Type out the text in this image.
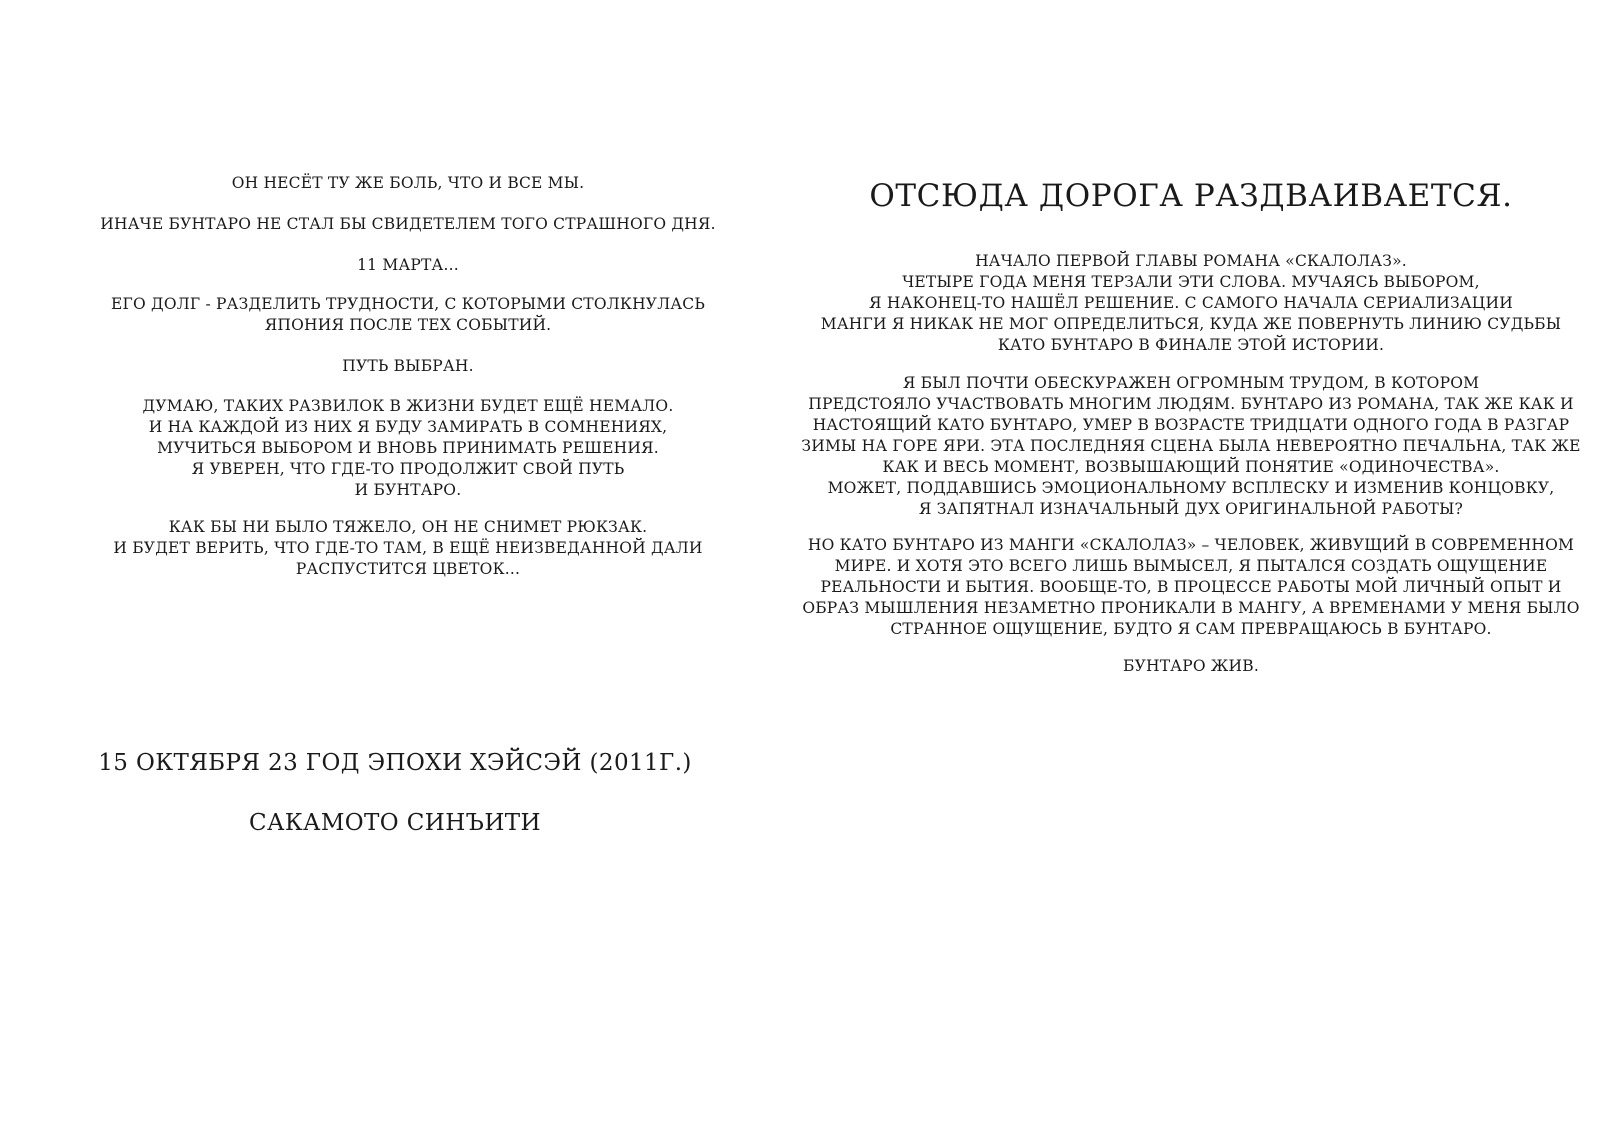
ОН НЕСЁТ ТУ ЖЕ БОЛЬ, ЧТО И ВСЕ МЫ.

ИНАЧЕ БУНТАРО НЕ СТАЛ БЫ СВИДЕТЕЛЕМ ТОГО СТРАШНОГО ДНЯ.

11 МАРТА...

ЕГО ДОЛГ - РАЗДЕЛИТЬ ТРУДНОСТИ, С КОТОРЫМИ СТОЛКНУЛАСЬ
ЯПОНИЯ ПОСЛЕ ТЕХ СОБЫТИЙ.

ПУТЬ ВЫБРАН.

ДУМАЮ, ТАКИХ РАЗВИЛОК В ЖИЗНИ БУДЕТ ЕЩЁ НЕМАЛО.
И НА КАЖДОЙ ИЗ НИХ Я БУДУ ЗАМИРАТЬ В СОМНЕНИЯХ,
МУЧИТЬСЯ ВЫБОРОМ И ВНОВЬ ПРИНИМАТЬ РЕШЕНИЯ.
Я УВЕРЕН, ЧТО ГДЕ-ТО ПРОДОЛЖИТ СВОЙ ПУТЬ
И БУНТАРО.

КАК БЫ НИ БЫЛО ТЯЖЕЛО, ОН НЕ СНИМЕТ РЮКЗАК.
И БУДЕТ ВЕРИТЬ, ЧТО ГДЕ-ТО ТАМ, В ЕЩЁ НЕИЗВЕДАННОЙ ДАЛИ
РАСПУСТИТСЯ ЦВЕТОК...

15 ОКТЯБРЯ 23 ГОД ЭПОХИ ХЭЙСЭЙ (2011Г.)

САКАМОТО СИНЪИТИ

ОТСЮДА ДОРОГА РАЗДВАИВАЕТСЯ.

НАЧАЛО ПЕРВОЙ ГЛАВЫ РОМАНА «СКАЛОЛАЗ».
ЧЕТЫРЕ ГОДА МЕНЯ ТЕРЗАЛИ ЭТИ СЛОВА. МУЧАЯСЬ ВЫБОРОМ,
Я НАКОНЕЦ-ТО НАШЁЛ РЕШЕНИЕ. С САМОГО НАЧАЛА СЕРИАЛИЗАЦИИ
МАНГИ Я НИКАК НЕ МОГ ОПРЕДЕЛИТЬСЯ, КУДА ЖЕ ПОВЕРНУТЬ ЛИНИЮ СУДЬБЫ
КАТО БУНТАРО В ФИНАЛЕ ЭТОЙ ИСТОРИИ.

Я БЫЛ ПОЧТИ ОБЕСКУРАЖЕН ОГРОМНЫМ ТРУДОМ, В КОТОРОМ
ПРЕДСТОЯЛО УЧАСТВОВАТЬ МНОГИМ ЛЮДЯМ. БУНТАРО ИЗ РОМАНА, ТАК ЖЕ КАК И
НАСТОЯЩИЙ КАТО БУНТАРО, УМЕР В ВОЗРАСТЕ ТРИДЦАТИ ОДНОГО ГОДА В РАЗГАР
ЗИМЫ НА ГОРЕ ЯРИ. ЭТА ПОСЛЕДНЯЯ СЦЕНА БЫЛА НЕВЕРОЯТНО ПЕЧАЛЬНА, ТАК ЖЕ
КАК И ВЕСЬ МОМЕНТ, ВОЗВЫШАЮЩИЙ ПОНЯТИЕ «ОДИНОЧЕСТВА».
МОЖЕТ, ПОДДАВШИСЬ ЭМОЦИОНАЛЬНОМУ ВСПЛЕСКУ И ИЗМЕНИВ КОНЦОВКУ,
Я ЗАПЯТНАЛ ИЗНАЧАЛЬНЫЙ ДУХ ОРИГИНАЛЬНОЙ РАБОТЫ?

НО КАТО БУНТАРО ИЗ МАНГИ «СКАЛОЛАЗ» – ЧЕЛОВЕК, ЖИВУЩИЙ В СОВРЕМЕННОМ
МИРЕ. И ХОТЯ ЭТО ВСЕГО ЛИШЬ ВЫМЫСЕЛ, Я ПЫТАЛСЯ СОЗДАТЬ ОЩУЩЕНИЕ
РЕАЛЬНОСТИ И БЫТИЯ. ВООБЩЕ-ТО, В ПРОЦЕССЕ РАБОТЫ МОЙ ЛИЧНЫЙ ОПЫТ И
ОБРАЗ МЫШЛЕНИЯ НЕЗАМЕТНО ПРОНИКАЛИ В МАНГУ, А ВРЕМЕНАМИ У МЕНЯ БЫЛО
СТРАННОЕ ОЩУЩЕНИЕ, БУДТО Я САМ ПРЕВРАЩАЮСЬ В БУНТАРО.

БУНТАРО ЖИВ.
